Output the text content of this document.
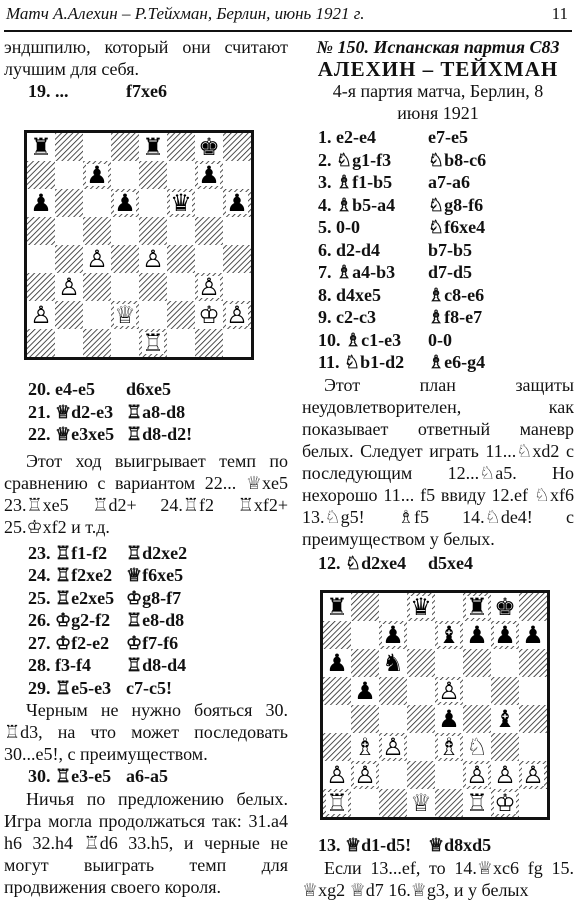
Матч А.Алехин – Р.Тейхман, Берлин, июнь 1921 г.	11

эндшпилю, который они считают лучшим для себя.

19. ...	f7xe6
♜	♜ ♚
♟	♟
♟	♟ ♛ ♟
♙ ♙
♙	♙
♙	♕	♔ ♙
♖
20. e4-e5	d6xe5
21. ♕d2-e3 ♖a8-d8
22. ♕e3xe5 ♖d8-d2!

Этот ход выигрывает темп по сравнению с вариантом 22... ♕xe5 23.♖xe5 ♖d2+ 24.♖f2 ♖xf2+ 25.♔xf2 и т.д.

23. ♖f1-f2	♖d2xe2
24. ♖f2xe2 ♕f6xe5
25. ♖e2xe5 ♔g8-f7
26. ♔g2-f2 ♖e8-d8
27. ♔f2-e2 ♔f7-f6
28. f3-f4	♖d8-d4
29. ♖e5-e3 c7-c5!

Черным не нужно бояться 30. ♖d3, на что может последовать 30...e5!, с преимуществом.

30. ♖e3-e5 a6-a5

Ничья по предложению белых. Игра могла продолжаться так: 31.a4 h6 32.h4 ♖d6 33.h5, и черные не могут выиграть темп для продвижения своего короля.

№ 150. Испанская партия С83
АЛЕХИН – ТЕЙХМАН
4-я партия матча, Берлин, 8 июня 1921
1. e2-e4	e7-e5
2. ♘g1-f3	♘b8-c6
3. ♗f1-b5	a7-a6
4. ♗b5-a4	♘g8-f6
5. 0-0	♘f6xe4
6. d2-d4	b7-b5
7. ♗a4-b3	d7-d5
8. d4xe5	♗c8-e6
9. c2-c3	♗f8-e7
10. ♗c1-e3	0-0
11. ♘b1-d2	♗e6-g4

Этот план защиты неудовлетворителен, как показывает ответный маневр белых. Следует играть 11...♘xd2 с последующим 12...♘a5. Но нехорошо 11... f5 ввиду 12.ef ♘xf6 13.♘g5! ♗f5 14.♘de4! с преимуществом у белых.

12. ♘d2xe4	d5xe4
♜	♛ ♜ ♚
♟ ♝ ♟ ♟ ♟
♟ ♞
♟	♙
♟ ♝
♗ ♙ ♗ ♘
♙ ♙	♙ ♙ ♙
♖	♕ ♖ ♔
13. ♕d1-d5! ♕d8xd5

Если 13...ef, то 14.♕xc6 fg 15. ♕xg2 ♕d7 16.♕g3, и у белых
